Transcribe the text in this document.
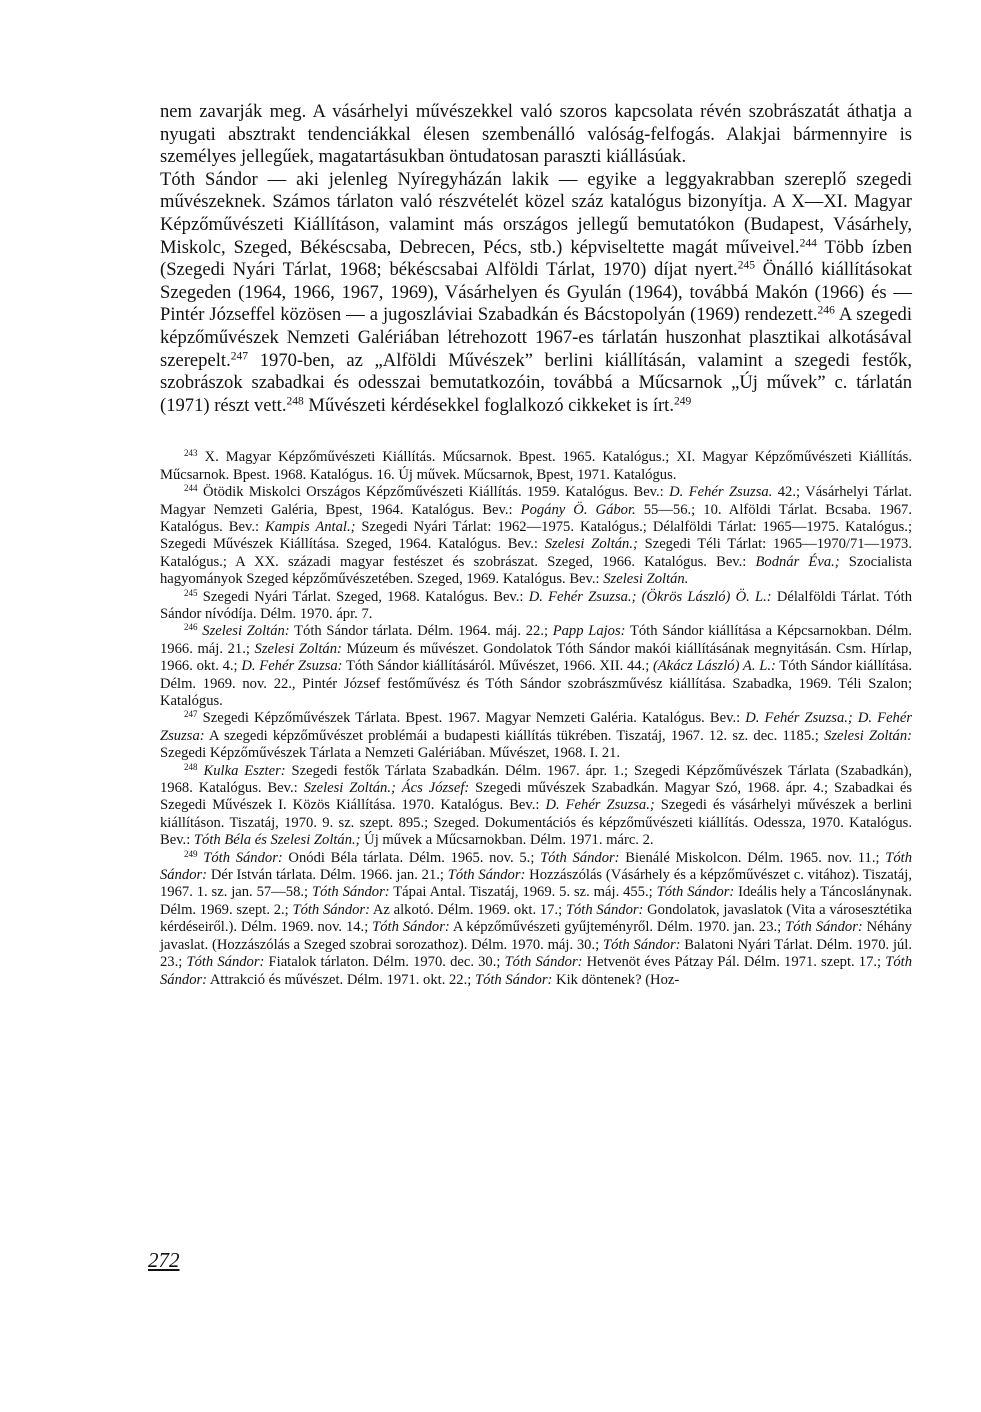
nem zavarják meg. A vásárhelyi művészekkel való szoros kapcsolata révén szobrászatát áthatja a nyugati absztrakt tendenciákkal élesen szembenálló valóság-felfogás. Alakjai bármennyire is személyes jellegűek, magatartásukban öntudatosan paraszti kiállásúak.

Tóth Sándor — aki jelenleg Nyíregyházán lakik — egyike a leggyakrabban szereplő szegedi művészeknek. Számos tárlaton való részvételét közel száz katalógus bizonyítja. A X—XI. Magyar Képzőművészeti Kiállításon, valamint más országos jellegű bemutatókon (Budapest, Vásárhely, Miskolc, Szeged, Békéscsaba, Debrecen, Pécs, stb.) képviseltette magát műveivel.$^{244}$ Több ízben (Szegedi Nyári Tárlat, 1968; békéscsabai Alföldi Tárlat, 1970) díjat nyert.$^{245}$ Önálló kiállításokat Szegeden (1964, 1966, 1967, 1969), Vásárhelyen és Gyulán (1964), továbbá Makón (1966) és — Pintér Józseffel közösen — a jugoszláviai Szabadkán és Bácstopolyán (1969) rendezett.$^{246}$ A szegedi képzőművészek Nemzeti Galériában létrehozott 1967-es tárlatán huszonhat plasztikai alkotásával szerepelt.$^{247}$ 1970-ben, az „Alföldi Művészek” berlini kiállításán, valamint a szegedi festők, szobrászok szabadkai és odesszai bemutatkozóin, továbbá a Műcsarnok „Új művek” c. tárlatán (1971) részt vett.$^{248}$ Művészeti kérdésekkel foglalkozó cikkeket is írt.$^{249}$

$^{243}$ X. Magyar Képzőművészeti Kiállítás. Műcsarnok. Bpest. 1965. Katalógus.; XI. Magyar Képzőművészeti Kiállítás. Műcsarnok. Bpest. 1968. Katalógus. 16. Új művek. Műcsarnok, Bpest, 1971. Katalógus.

$^{244}$ Ötödik Miskolci Országos Képzőművészeti Kiállítás. 1959. Katalógus. Bev.: D. Fehér Zsuzsa. 42.; Vásárhelyi Tárlat. Magyar Nemzeti Galéria, Bpest, 1964. Katalógus. Bev.: Pogány Ö. Gábor. 55—56.; 10. Alföldi Tárlat. Bcsaba. 1967. Katalógus. Bev.: Kampis Antal.; Szegedi Nyári Tárlat: 1962—1975. Katalógus.; Délalföldi Tárlat: 1965—1975. Katalógus.; Szegedi Művészek Kiállítása. Szeged, 1964. Katalógus. Bev.: Szelesi Zoltán.; Szegedi Téli Tárlat: 1965—1970/71—1973. Katalógus.; A XX. századi magyar festészet és szobrászat. Szeged, 1966. Katalógus. Bev.: Bodnár Éva.; Szocialista hagyományok Szeged képzőművészetében. Szeged, 1969. Katalógus. Bev.: Szelesi Zoltán.

$^{245}$ Szegedi Nyári Tárlat. Szeged, 1968. Katalógus. Bev.: D. Fehér Zsuzsa.; (Ökrös László) Ö. L.: Délalföldi Tárlat. Tóth Sándor nívódíja. Délm. 1970. ápr. 7.

$^{246}$ Szelesi Zoltán: Tóth Sándor tárlata. Délm. 1964. máj. 22.; Papp Lajos: Tóth Sándor kiállítása a Képcsarnokban. Délm. 1966. máj. 21.; Szelesi Zoltán: Múzeum és művészet. Gondolatok Tóth Sándor makói kiállításának megnyitásán. Csm. Hírlap, 1966. okt. 4.; D. Fehér Zsuzsa: Tóth Sándor kiállításáról. Művészet, 1966. XII. 44.; (Akácz László) A. L.: Tóth Sándor kiállítása. Délm. 1969. nov. 22., Pintér József festőművész és Tóth Sándor szobrászművész kiállítása. Szabadka, 1969. Téli Szalon; Katalógus.

$^{247}$ Szegedi Képzőművészek Tárlata. Bpest. 1967. Magyar Nemzeti Galéria. Katalógus. Bev.: D. Fehér Zsuzsa.; D. Fehér Zsuzsa: A szegedi képzőművészet problémái a budapesti kiállítás tükrében. Tiszatáj, 1967. 12. sz. dec. 1185.; Szelesi Zoltán: Szegedi Képzőművészek Tárlata a Nemzeti Galériában. Művészet, 1968. I. 21.

$^{248}$ Kulka Eszter: Szegedi festők Tárlata Szabadkán. Délm. 1967. ápr. 1.; Szegedi Képzőművészek Tárlata (Szabadkán), 1968. Katalógus. Bev.: Szelesi Zoltán.; Ács József: Szegedi művészek Szabadkán. Magyar Szó, 1968. ápr. 4.; Szabadkai és Szegedi Művészek I. Közös Kiállítása. 1970. Katalógus. Bev.: D. Fehér Zsuzsa.; Szegedi és vásárhelyi művészek a berlini kiállításon. Tiszatáj, 1970. 9. sz. szept. 895.; Szeged. Dokumentációs és képzőművészeti kiállítás. Odessza, 1970. Katalógus. Bev.: Tóth Béla és Szelesi Zoltán.; Új művek a Műcsarnokban. Délm. 1971. márc. 2.

$^{249}$ Tóth Sándor: Onódi Béla tárlata. Délm. 1965. nov. 5.; Tóth Sándor: Bienálé Miskolcon. Délm. 1965. nov. 11.; Tóth Sándor: Dér István tárlata. Délm. 1966. jan. 21.; Tóth Sándor: Hozzászólás (Vásárhely és a képzőművészet c. vitához). Tiszatáj, 1967. 1. sz. jan. 57—58.; Tóth Sándor: Tápai Antal. Tiszatáj, 1969. 5. sz. máj. 455.; Tóth Sándor: Ideális hely a Táncoslánynak. Délm. 1969. szept. 2.; Tóth Sándor: Az alkotó. Délm. 1969. okt. 17.; Tóth Sándor: Gondolatok, javaslatok (Vita a városesztétika kérdéseiről.). Délm. 1969. nov. 14.; Tóth Sándor: A képzőművészeti gyűjteményről. Délm. 1970. jan. 23.; Tóth Sándor: Néhány javaslat. (Hozzászólás a Szeged szobrai sorozathoz). Délm. 1970. máj. 30.; Tóth Sándor: Balatoni Nyári Tárlat. Délm. 1970. júl. 23.; Tóth Sándor: Fiatalok tárlaton. Délm. 1970. dec. 30.; Tóth Sándor: Hetvenöt éves Pátzay Pál. Délm. 1971. szept. 17.; Tóth Sándor: Attrakció és művészet. Délm. 1971. okt. 22.; Tóth Sándor: Kik döntenek? (Hoz-

272
